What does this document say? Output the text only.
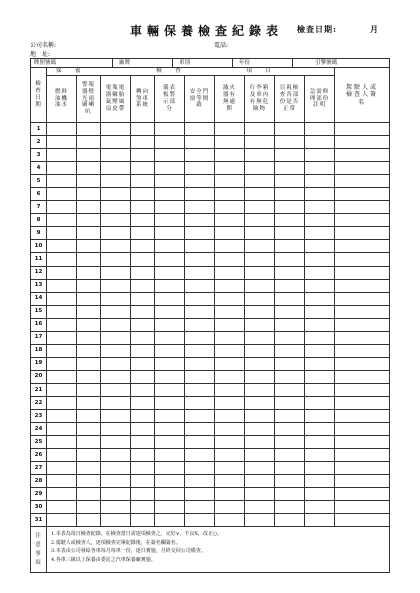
車輛保養檢查紀錄表 檢查日期:	月
公司名稱:	電話:
地　址:
牌照號碼	廠牌	車別	年份	引擎號碼
檢查日期	保　養 檢　查 項　目										駕駛人或檢查人簽名
	燃料油機油水	警報器燈光雨刷喇叭	電瓶電器輪胎氣壓風扇皮帶	轉向煞車系統	儀表板警示部分	安全門窗等開啟	滅火器有無逾期	行李箱及車內有無危險物	目視檢查各部份是否正常	急需修理部份註明	
1											
2											
3											
4											
5											
6											
7											
8											
9											
10											
11											
12											
13											
14											
15											
16											
17											
18											
19											
20											
21											
22											
23											
24											
25											
26											
27											
28											
29											
30											
31											
注意事項	1.本表為每日檢查紀錄，在檢查當日需逐項檢查之，完好∨、不良X，改正○。
2.駕駛人或檢查人，逐項檢查完畢紀錄後，在簽名欄簽名。
3.本表由公司發給各車每月每車一份，逐日實施，月終交回公司備查。
4.各車三級以上保養由委託之汽車保養廠實施。										
